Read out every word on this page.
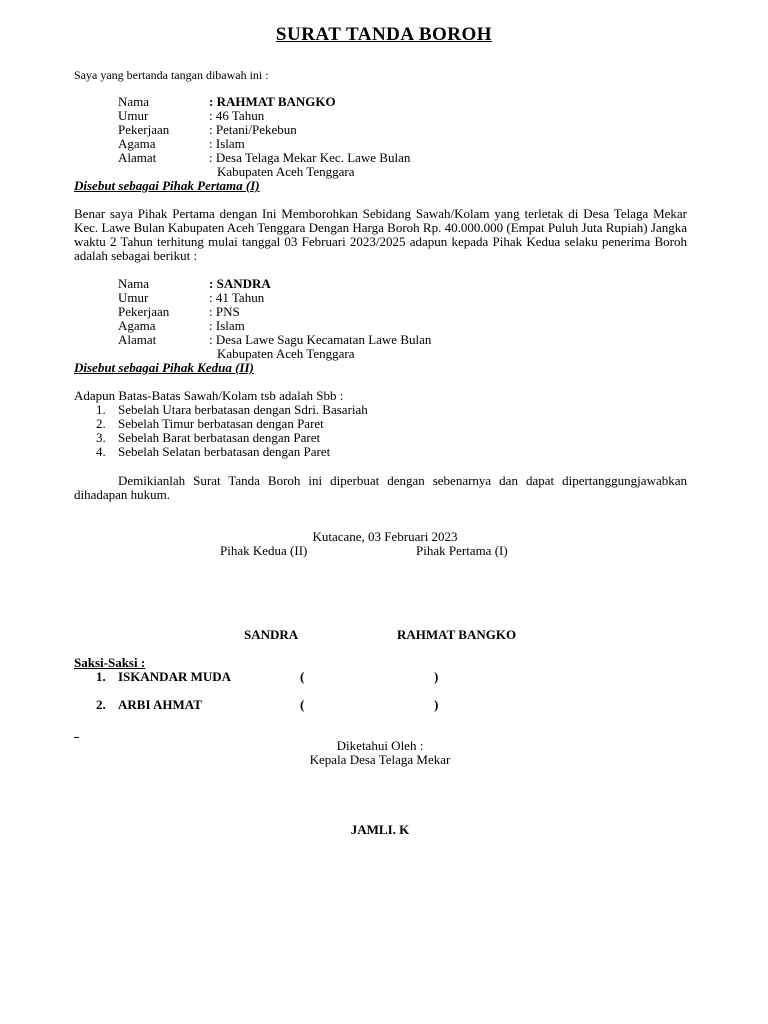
SURAT TANDA BOROH
Saya yang bertanda tangan dibawah ini :
Nama	: RAHMAT BANGKO
Umur	: 46 Tahun
Pekerjaan	: Petani/Pekebun
Agama	: Islam
Alamat	: Desa Telaga Mekar Kec. Lawe Bulan
Kabupaten Aceh Tenggara
Disebut sebagai Pihak Pertama (I)
Benar saya Pihak Pertama dengan Ini Memborohkan Sebidang Sawah/Kolam yang terletak di Desa Telaga Mekar Kec. Lawe Bulan Kabupaten Aceh Tenggara Dengan Harga Boroh Rp. 40.000.000 (Empat Puluh Juta Rupiah) Jangka waktu 2 Tahun terhitung mulai tanggal 03 Februari 2023/2025 adapun kepada Pihak Kedua selaku penerima Boroh adalah sebagai berikut :
Nama	: SANDRA
Umur	: 41 Tahun
Pekerjaan	: PNS
Agama	: Islam
Alamat	: Desa Lawe Sagu Kecamatan Lawe Bulan
Kabupaten Aceh Tenggara
Disebut sebagai Pihak Kedua (II)
Adapun Batas-Batas Sawah/Kolam tsb adalah Sbb :
1. Sebelah Utara berbatasan dengan Sdri. Basariah
2. Sebelah Timur berbatasan dengan Paret
3. Sebelah Barat berbatasan dengan Paret
4. Sebelah Selatan berbatasan dengan Paret
Demikianlah Surat Tanda Boroh ini diperbuat dengan sebenarnya dan dapat dipertanggungjawabkan dihadapan hukum.
Kutacane, 03 Februari 2023
Pihak Kedua (II)	Pihak Pertama (I)
SANDRA	RAHMAT BANGKO
Saksi-Saksi :
1. ISKANDAR MUDA	(	)
2. ARBI AHMAT	(	)
Diketahui Oleh :
Kepala Desa Telaga Mekar
JAMLI. K
